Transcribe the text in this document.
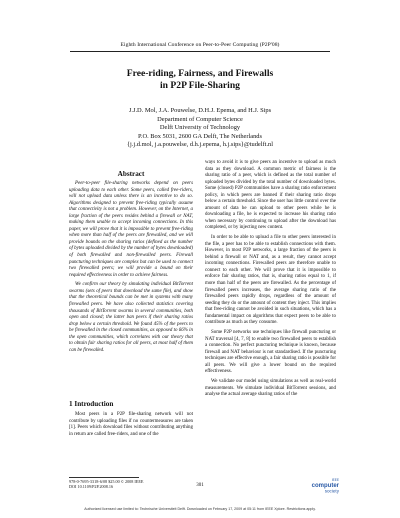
Eighth International Conference on Peer-to-Peer Computing (P2P'08)
Free-riding, Fairness, and Firewalls
in P2P File-Sharing
J.J.D. Mol, J.A. Pouwelse, D.H.J. Epema, and H.J. Sips
Department of Computer Science
Delft University of Technology
P.O. Box 5031, 2600 GA Delft, The Netherlands
{j.j.d.mol, j.a.pouwelse, d.h.j.epema, h.j.sips}@tudelft.nl
Abstract

Peer-to-peer file-sharing networks depend on peers uploading data to each other. Some peers, called free-riders, will not upload data unless there is an incentive to do so. Algorithms designed to prevent free-riding typically assume that connectivity is not a problem. However, on the Internet, a large fraction of the peers resides behind a firewall or NAT, making them unable to accept incoming connections. In this paper, we will prove that it is impossible to prevent free-riding when more than half of the peers are firewalled, and we will provide bounds on the sharing ratios (defined as the number of bytes uploaded divided by the number of bytes downloaded) of both firewalled and non-firewalled peers. Firewall puncturing techniques are complex but can be used to connect two firewalled peers; we will provide a bound on their required effectiveness in order to achieve fairness.

We confirm our theory by simulating individual BitTorrent swarms (sets of peers that download the same file), and show that the theoretical bounds can be met in systems with many firewalled peers. We have also collected statistics covering thousands of BitTorrent swarms in several communities, both open and closed; the latter ban peers if their sharing ratios drop below a certain threshold. We found 45% of the peers to be firewalled in the closed communities, as opposed to 66% in the open communities, which correlates with our theory that to obtain fair sharing ratios for all peers, at most half of them can be firewalled.

1 Introduction

Most peers in a P2P file-sharing network will not contribute by uploading files if no countermeasures are taken [1]. Peers which download files without contributing anything in return are called free-riders, and one of the

ways to avoid it is to give peers an incentive to upload as much data as they download. A common metric of fairness is the sharing ratio of a peer, which is defined as the total number of uploaded bytes divided by the total number of downloaded bytes. Some (closed) P2P communities have a sharing ratio enforcement policy, in which peers are banned if their sharing ratio drops below a certain threshold. Since the user has little control over the amount of data he can upload to other peers while he is downloading a file, he is expected to increase his sharing ratio when necessary by continuing to upload after the download has completed, or by injecting new content.

In order to be able to upload a file to other peers interested in the file, a peer has to be able to establish connections with them. However, in most P2P networks, a large fraction of the peers is behind a firewall or NAT and, as a result, they cannot accept incoming connections. Firewalled peers are therefore unable to connect to each other. We will prove that it is impossible to enforce fair sharing ratios, that is, sharing ratios equal to 1, if more than half of the peers are firewalled. As the percentage of firewalled peers increases, the average sharing ratio of the firewalled peers rapidly drops, regardless of the amount of seeding they do or the amount of content they inject. This implies that free-riding cannot be avoided in such situations, which has a fundamental impact on algorithms that expect peers to be able to contribute as much as they consume.

Some P2P networks use techniques like firewall puncturing or NAT traversal [4, 7, 8] to enable two firewalled peers to establish a connection. No perfect puncturing technique is known, because firewall and NAT behaviour is not standardised. If the puncturing techniques are effective enough, a fair sharing ratio is possible for all peers. We will give a lower bound on the required effectiveness.

We validate our model using simulations as well as real-world measurements. We simulate individual BitTorrent sessions, and analyse the actual average sharing ratios of the

978-0-7695-3318-6/08 $25.00 © 2008 IEEE
DOI 10.1109/P2P.2008.16	301
IEEE
computer
society
Authorized licensed use limited to: Technische Universiteit Delft. Downloaded on February 17, 2009 at 05:11 from IEEE Xplore. Restrictions apply.
